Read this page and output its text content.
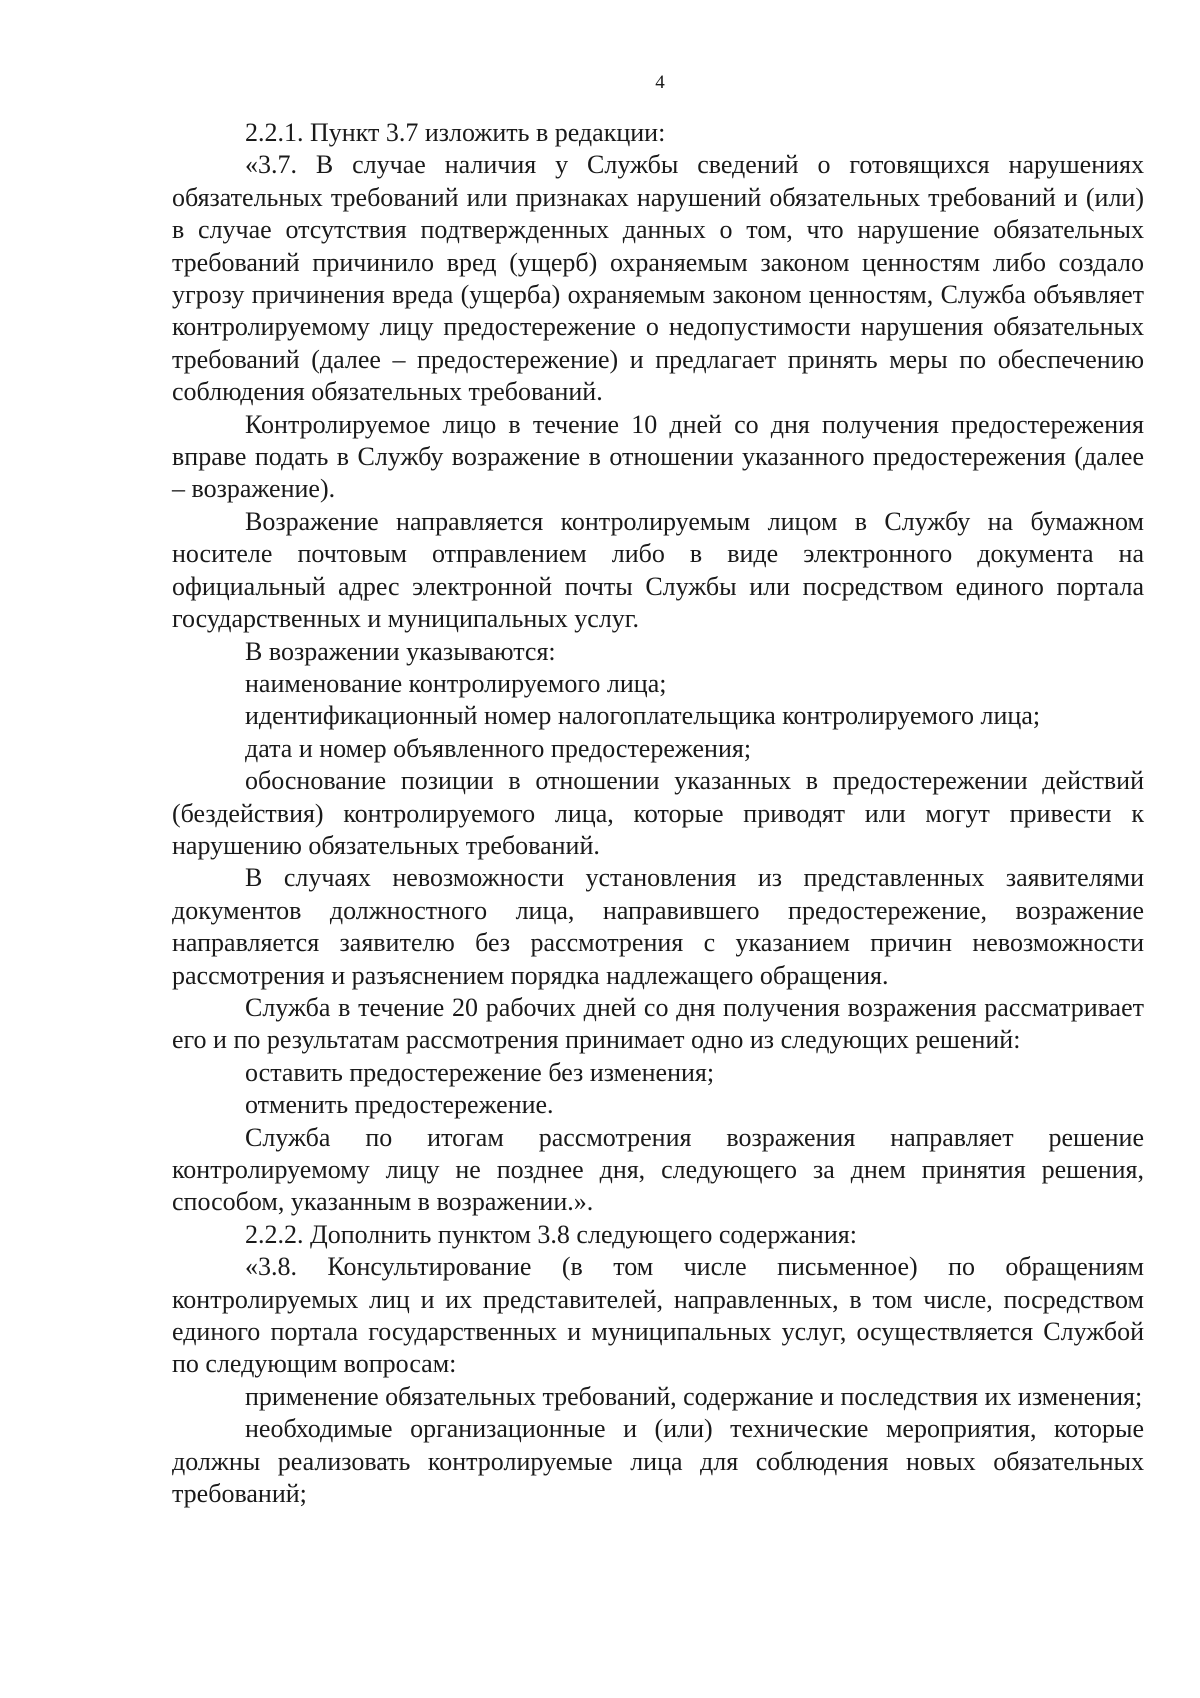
4

2.2.1. Пункт 3.7 изложить в редакции:

«3.7. В случае наличия у Службы сведений о готовящихся нарушениях обязательных требований или признаках нарушений обязательных требований и (или) в случае отсутствия подтвержденных данных о том, что нарушение обязательных требований причинило вред (ущерб) охраняемым законом ценностям либо создало угрозу причинения вреда (ущерба) охраняемым законом ценностям, Служба объявляет контролируемому лицу предостережение о недопустимости нарушения обязательных требований (далее – предостережение) и предлагает принять меры по обеспечению соблюдения обязательных требований.

Контролируемое лицо в течение 10 дней со дня получения предостережения вправе подать в Службу возражение в отношении указанного предостережения (далее – возражение).

Возражение направляется контролируемым лицом в Службу на бумажном носителе почтовым отправлением либо в виде электронного документа на официальный адрес электронной почты Службы или посредством единого портала государственных и муниципальных услуг.

В возражении указываются:

наименование контролируемого лица;

идентификационный номер налогоплательщика контролируемого лица;

дата и номер объявленного предостережения;

обоснование позиции в отношении указанных в предостережении действий (бездействия) контролируемого лица, которые приводят или могут привести к нарушению обязательных требований.

В случаях невозможности установления из представленных заявителями документов должностного лица, направившего предостережение, возражение направляется заявителю без рассмотрения с указанием причин невозможности рассмотрения и разъяснением порядка надлежащего обращения.

Служба в течение 20 рабочих дней со дня получения возражения рассматривает его и по результатам рассмотрения принимает одно из следующих решений:

оставить предостережение без изменения;

отменить предостережение.

Служба по итогам рассмотрения возражения направляет решение контролируемому лицу не позднее дня, следующего за днем принятия решения, способом, указанным в возражении.».

2.2.2. Дополнить пунктом 3.8 следующего содержания:

«3.8. Консультирование (в том числе письменное) по обращениям контролируемых лиц и их представителей, направленных, в том числе, посредством единого портала государственных и муниципальных услуг, осуществляется Службой по следующим вопросам:

применение обязательных требований, содержание и последствия их изменения;

необходимые организационные и (или) технические мероприятия, которые должны реализовать контролируемые лица для соблюдения новых обязательных требований;
